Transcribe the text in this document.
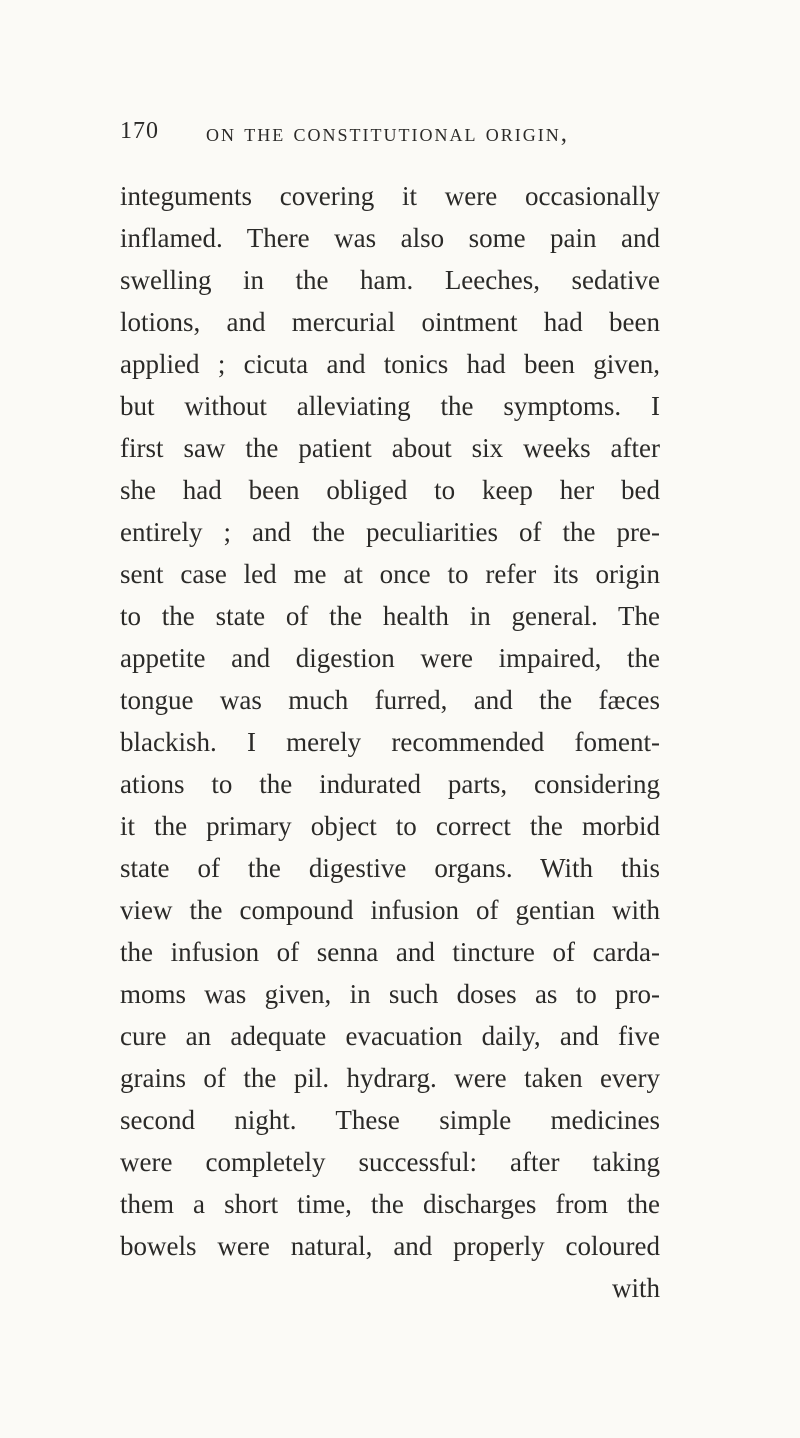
170 on the constitutional origin,
integuments covering it were occasionally
inflamed. There was also some pain and
swelling in the ham. Leeches, sedative
lotions, and mercurial ointment had been
applied ; cicuta and tonics had been given,
but without alleviating the symptoms. I
first saw the patient about six weeks after
she had been obliged to keep her bed
entirely ; and the peculiarities of the pre-
sent case led me at once to refer its origin
to the state of the health in general. The
appetite and digestion were impaired, the
tongue was much furred, and the fæces
blackish. I merely recommended foment-
ations to the indurated parts, considering
it the primary object to correct the morbid
state of the digestive organs. With this
view the compound infusion of gentian with
the infusion of senna and tincture of carda-
moms was given, in such doses as to pro-
cure an adequate evacuation daily, and five
grains of the pil. hydrarg. were taken every
second night. These simple medicines
were completely successful: after taking
them a short time, the discharges from the
bowels were natural, and properly coloured
with
